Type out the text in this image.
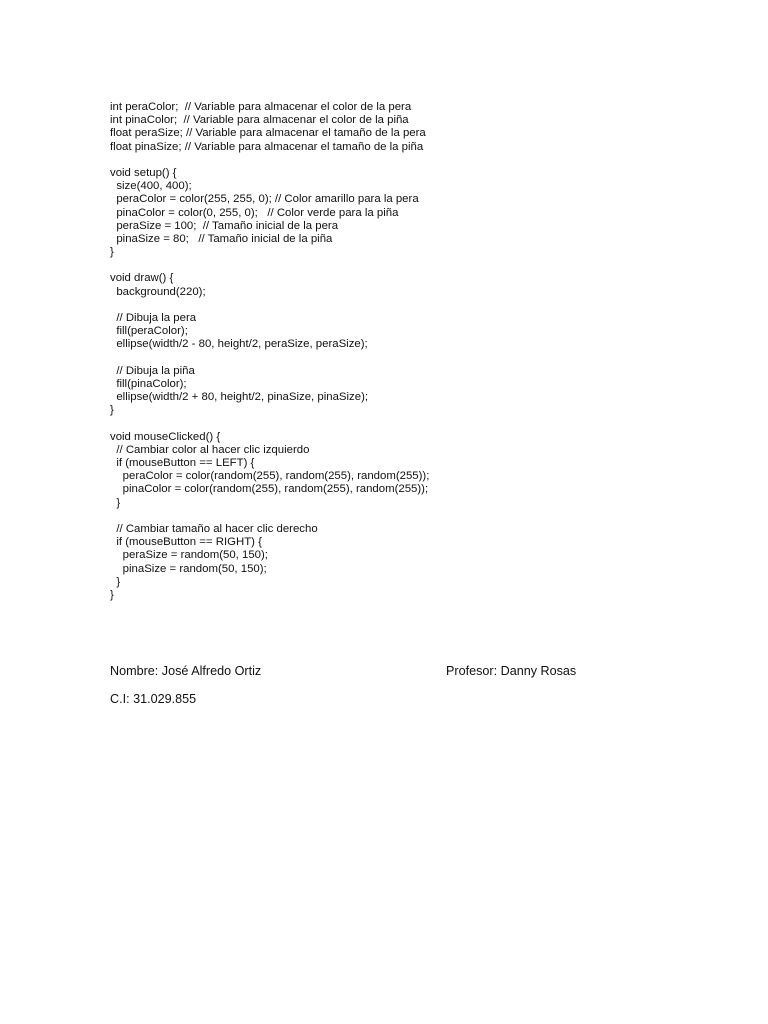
int peraColor;  // Variable para almacenar el color de la pera
int pinaColor;  // Variable para almacenar el color de la piña
float peraSize; // Variable para almacenar el tamaño de la pera
float pinaSize; // Variable para almacenar el tamaño de la piña
void setup() {
size(400, 400);
peraColor = color(255, 255, 0); // Color amarillo para la pera
pinaColor = color(0, 255, 0);   // Color verde para la piña
peraSize = 100;  // Tamaño inicial de la pera
pinaSize = 80;   // Tamaño inicial de la piña
}
void draw() {
background(220);
// Dibuja la pera
fill(peraColor);
ellipse(width/2 - 80, height/2, peraSize, peraSize);
// Dibuja la piña
fill(pinaColor);
ellipse(width/2 + 80, height/2, pinaSize, pinaSize);
}
void mouseClicked() {
// Cambiar color al hacer clic izquierdo
if (mouseButton == LEFT) {
peraColor = color(random(255), random(255), random(255));
pinaColor = color(random(255), random(255), random(255));
}
// Cambiar tamaño al hacer clic derecho
if (mouseButton == RIGHT) {
peraSize = random(50, 150);
pinaSize = random(50, 150);
}
}
Nombre: José Alfredo Ortiz	Profesor: Danny Rosas
C.I: 31.029.855
